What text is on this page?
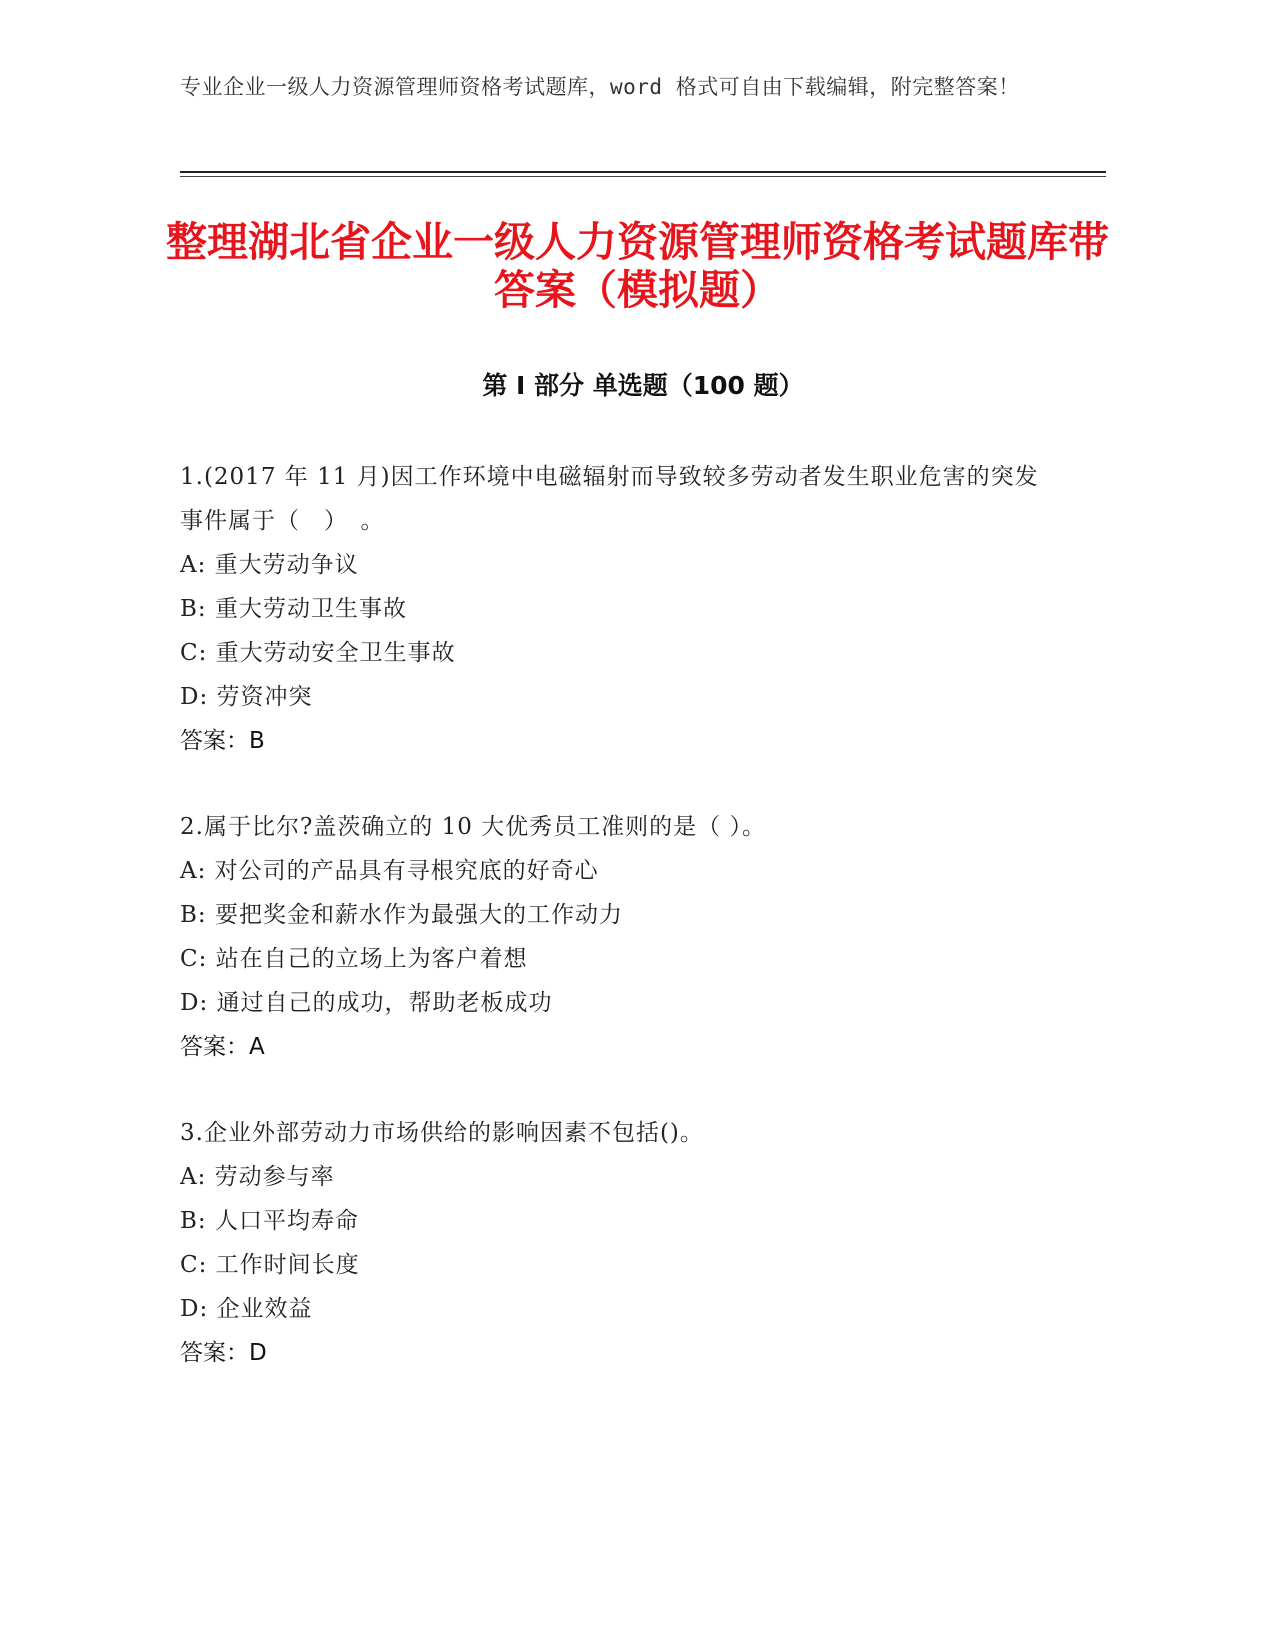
专业企业一级人力资源管理师资格考试题库，word 格式可自由下载编辑，附完整答案！
整理湖北省企业一级人力资源管理师资格考试题库带答案（模拟题）
第 I 部分 单选题（100 题）

1.(2017 年 11 月)因工作环境中电磁辐射而导致较多劳动者发生职业危害的突发事件属于（　）　。

A: 重大劳动争议

B: 重大劳动卫生事故

C: 重大劳动安全卫生事故

D: 劳资冲突

答案：B

2.属于比尔?盖茨确立的 10 大优秀员工准则的是（ ）。

A: 对公司的产品具有寻根究底的好奇心

B: 要把奖金和薪水作为最强大的工作动力

C: 站在自己的立场上为客户着想

D: 通过自己的成功，帮助老板成功

答案：A

3.企业外部劳动力市场供给的影响因素不包括()。

A: 劳动参与率

B: 人口平均寿命

C: 工作时间长度

D: 企业效益

答案：D
